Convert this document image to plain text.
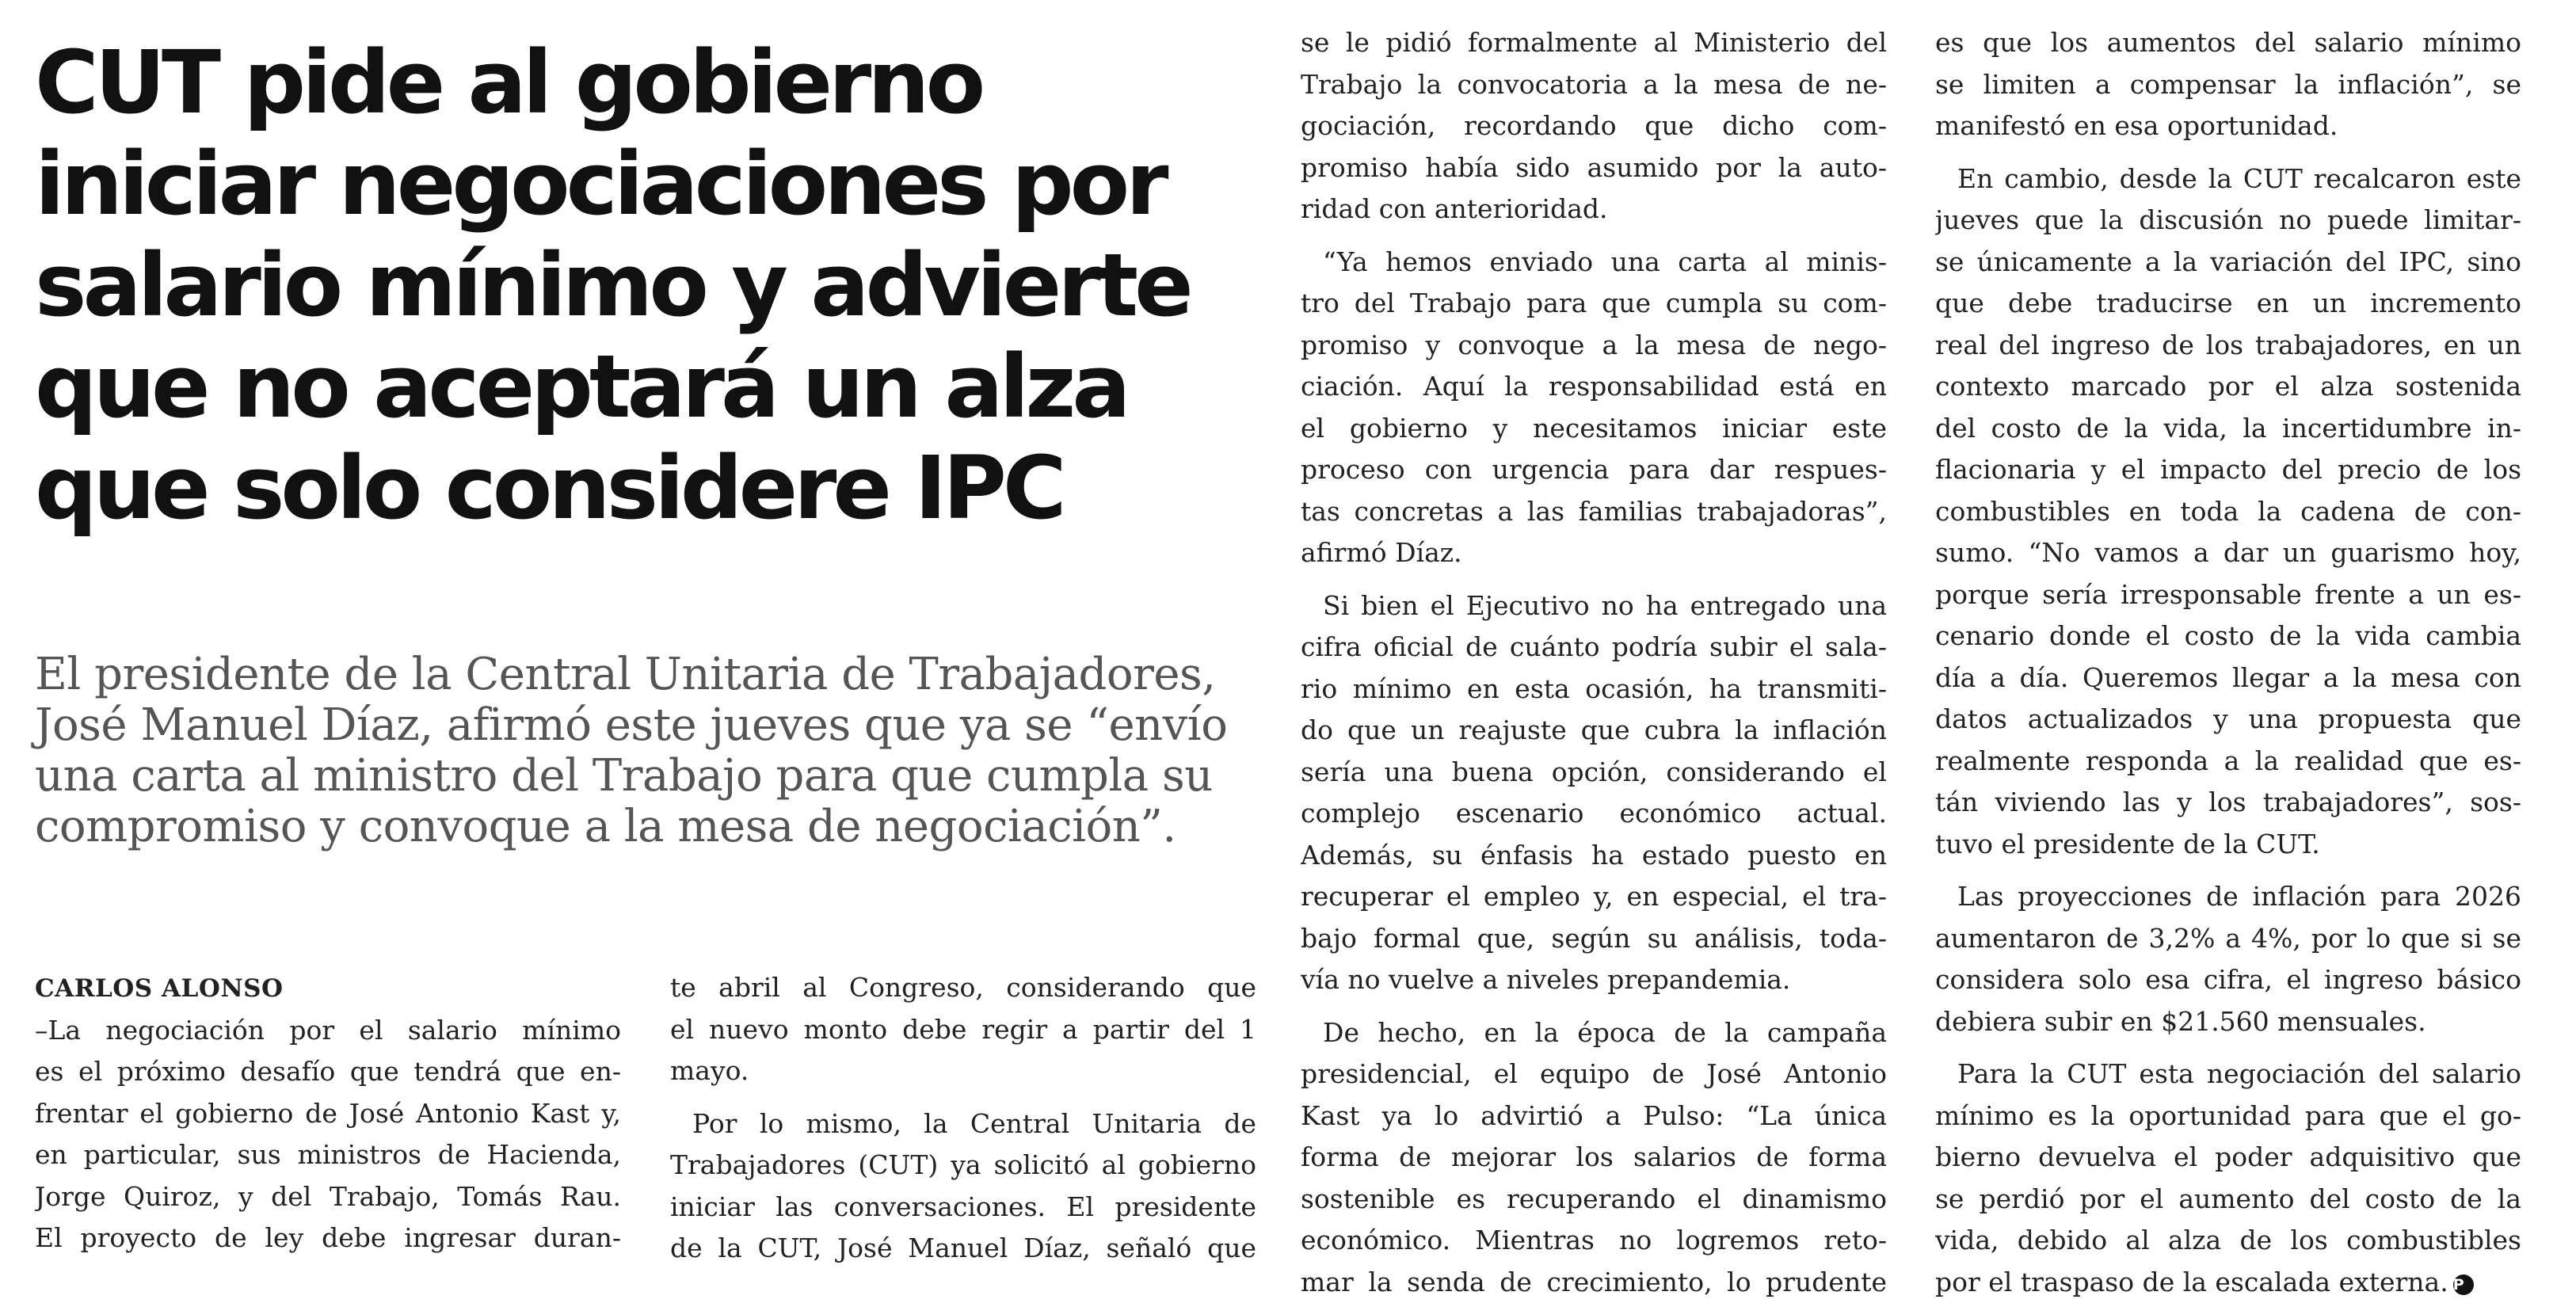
CUT pide al gobierno
iniciar negociaciones por
salario mínimo y advierte
que no aceptará un alza
que solo considere IPC

El presidente de la Central Unitaria de Trabajadores,
José Manuel Díaz, afirmó este jueves que ya se “envío
una carta al ministro del Trabajo para que cumpla su
compromiso y convoque a la mesa de negociación”.

CARLOS ALONSO
–La negociación por el salario mínimo
es el próximo desafío que tendrá que en-
frentar el gobierno de José Antonio Kast y,
en particular, sus ministros de Hacienda,
Jorge Quiroz, y del Trabajo, Tomás Rau.
El proyecto de ley debe ingresar duran-
te abril al Congreso, considerando que
el nuevo monto debe regir a partir del 1
mayo.
Por lo mismo, la Central Unitaria de
Trabajadores (CUT) ya solicitó al gobierno
iniciar las conversaciones. El presidente
de la CUT, José Manuel Díaz, señaló que
se le pidió formalmente al Ministerio del
Trabajo la convocatoria a la mesa de ne-
gociación, recordando que dicho com-
promiso había sido asumido por la auto-
ridad con anterioridad.
“Ya hemos enviado una carta al minis-
tro del Trabajo para que cumpla su com-
promiso y convoque a la mesa de nego-
ciación. Aquí la responsabilidad está en
el gobierno y necesitamos iniciar este
proceso con urgencia para dar respues-
tas concretas a las familias trabajadoras”,
afirmó Díaz.
Si bien el Ejecutivo no ha entregado una
cifra oficial de cuánto podría subir el sala-
rio mínimo en esta ocasión, ha transmiti-
do que un reajuste que cubra la inflación
sería una buena opción, considerando el
complejo escenario económico actual.
Además, su énfasis ha estado puesto en
recuperar el empleo y, en especial, el tra-
bajo formal que, según su análisis, toda-
vía no vuelve a niveles prepandemia.
De hecho, en la época de la campaña
presidencial, el equipo de José Antonio
Kast ya lo advirtió a Pulso: “La única
forma de mejorar los salarios de forma
sostenible es recuperando el dinamismo
económico. Mientras no logremos reto-
mar la senda de crecimiento, lo prudente
es que los aumentos del salario mínimo
se limiten a compensar la inflación”, se
manifestó en esa oportunidad.
En cambio, desde la CUT recalcaron este
jueves que la discusión no puede limitar-
se únicamente a la variación del IPC, sino
que debe traducirse en un incremento
real del ingreso de los trabajadores, en un
contexto marcado por el alza sostenida
del costo de la vida, la incertidumbre in-
flacionaria y el impacto del precio de los
combustibles en toda la cadena de con-
sumo. “No vamos a dar un guarismo hoy,
porque sería irresponsable frente a un es-
cenario donde el costo de la vida cambia
día a día. Queremos llegar a la mesa con
datos actualizados y una propuesta que
realmente responda a la realidad que es-
tán viviendo las y los trabajadores”, sos-
tuvo el presidente de la CUT.
Las proyecciones de inflación para 2026
aumentaron de 3,2% a 4%, por lo que si se
considera solo esa cifra, el ingreso básico
debiera subir en $21.560 mensuales.
Para la CUT esta negociación del salario
mínimo es la oportunidad para que el go-
bierno devuelva el poder adquisitivo que
se perdió por el aumento del costo de la
vida, debido al alza de los combustibles
por el traspaso de la escalada externa. P
